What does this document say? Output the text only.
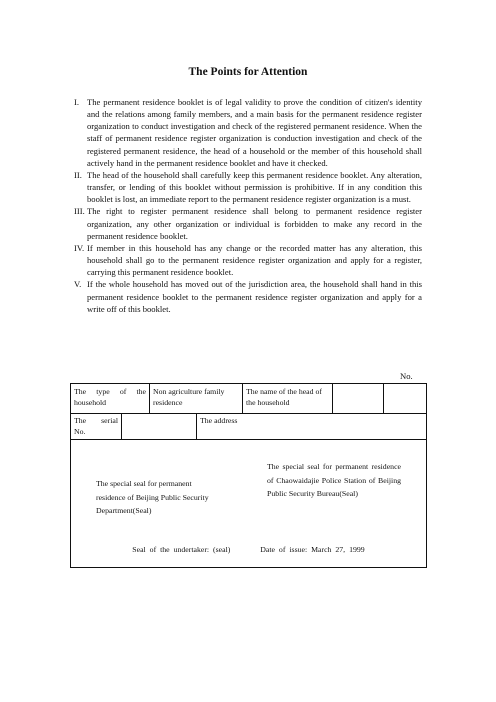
The Points for Attention
I. The permanent residence booklet is of legal validity to prove the condition of citizen's identity and the relations among family members, and a main basis for the permanent residence register organization to conduct investigation and check of the registered permanent residence. When the staff of permanent residence register organization is conduction investigation and check of the registered permanent residence, the head of a household or the member of this household shall actively hand in the permanent residence booklet and have it checked.
II. The head of the household shall carefully keep this permanent residence booklet. Any alteration, transfer, or lending of this booklet without permission is prohibitive. If in any condition this booklet is lost, an immediate report to the permanent residence register organization is a must.
III. The right to register permanent residence shall belong to permanent residence register organization, any other organization or individual is forbidden to make any record in the permanent residence booklet.
IV. If member in this household has any change or the recorded matter has any alteration, this household shall go to the permanent residence register organization and apply for a register, carrying this permanent residence booklet.
V. If the whole household has moved out of the jurisdiction area, the household shall hand in this permanent residence booklet to the permanent residence register organization and apply for a write off of this booklet.
No.
The type of the household
Non agriculture family residence
The name of the head of the household
The serial No.
The address
The special seal for permanent residence of Beijing Public Security Department(Seal)
The special seal for permanent residence of Chaowaidajie Police Station of Beijing Public Security Bureau(Seal)
Seal of the undertaker: (seal)	Date of issue: March 27, 1999
